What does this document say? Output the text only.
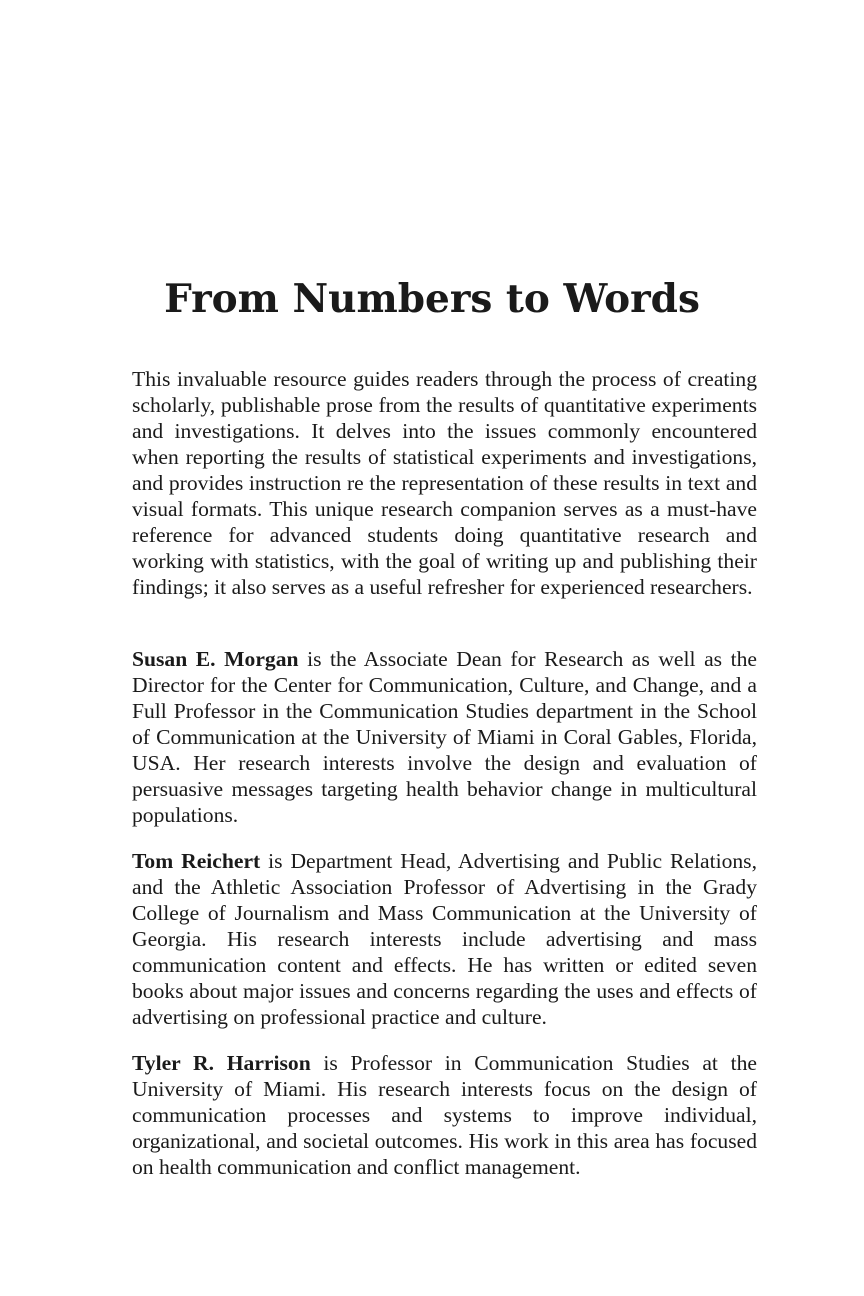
From Numbers to Words

This invaluable resource guides readers through the process of creating scholarly, publishable prose from the results of quantitative experiments and investigations. It delves into the issues commonly encountered when reporting the results of statistical experiments and investigations, and provides instruction re the representation of these results in text and visual formats. This unique research companion serves as a must-have reference for advanced students doing quantitative research and working with statistics, with the goal of writing up and publishing their findings; it also serves as a useful refresher for experienced researchers.

Susan E. Morgan is the Associate Dean for Research as well as the Director for the Center for Communication, Culture, and Change, and a Full Professor in the Communication Studies department in the School of Communication at the University of Miami in Coral Gables, Florida, USA. Her research interests involve the design and evaluation of persuasive messages targeting health behavior change in multicultural populations.

Tom Reichert is Department Head, Advertising and Public Relations, and the Athletic Association Professor of Advertising in the Grady College of Journalism and Mass Communication at the University of Georgia. His research interests include advertising and mass communication content and effects. He has written or edited seven books about major issues and concerns regarding the uses and effects of advertising on professional practice and culture.

Tyler R. Harrison is Professor in Communication Studies at the University of Miami. His research interests focus on the design of communication processes and systems to improve individual, organizational, and societal outcomes. His work in this area has focused on health communication and conflict management.
